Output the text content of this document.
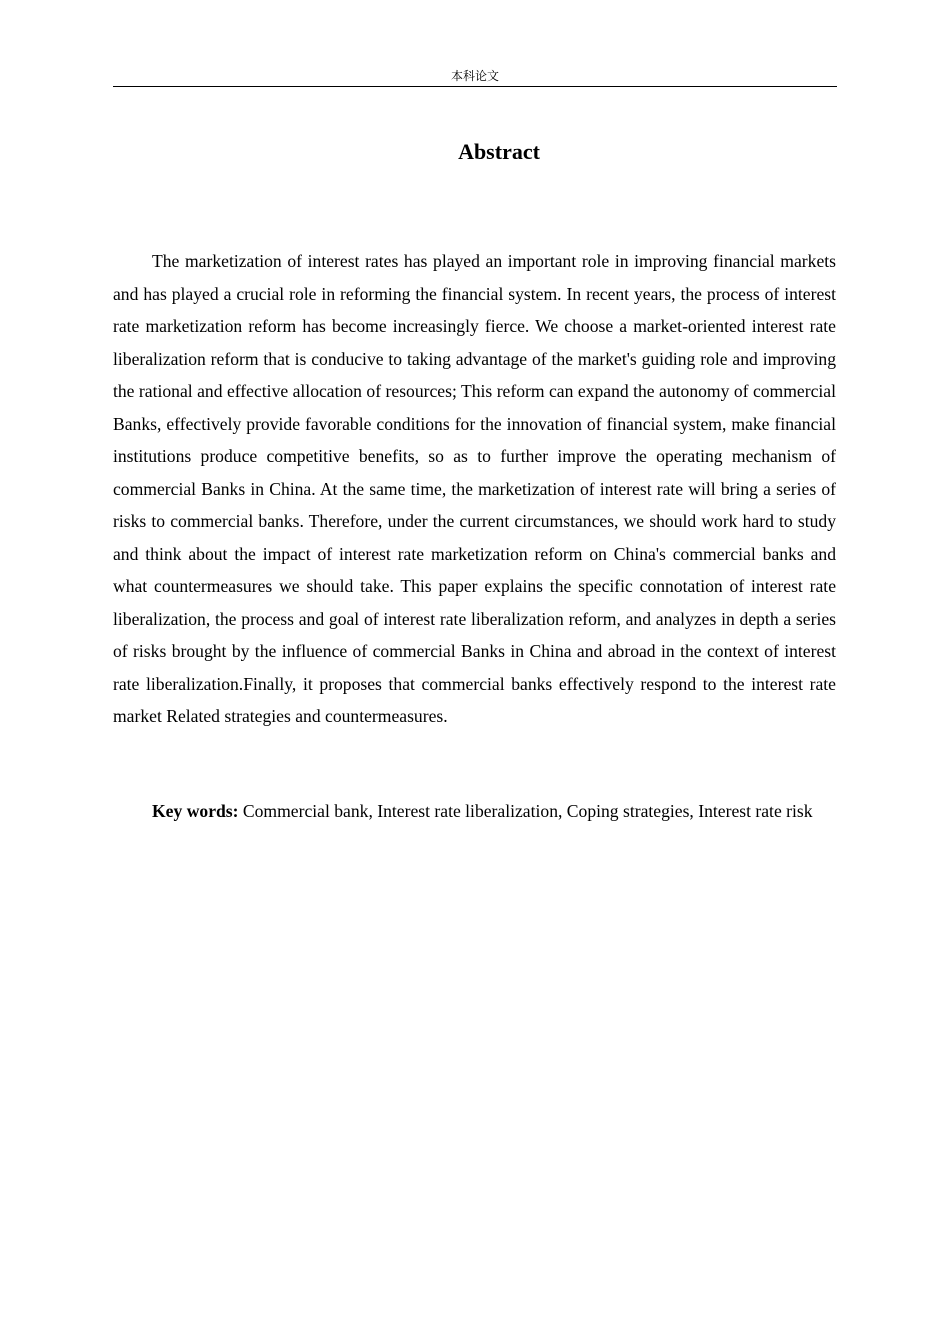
本科论文
Abstract

The marketization of interest rates has played an important role in improving financial markets and has played a crucial role in reforming the financial system. In recent years, the process of interest rate marketization reform has become increasingly fierce. We choose a market-oriented interest rate liberalization reform that is conducive to taking advantage of the market's guiding role and improving the rational and effective allocation of resources; This reform can expand the autonomy of commercial Banks, effectively provide favorable conditions for the innovation of financial system, make financial institutions produce competitive benefits, so as to further improve the operating mechanism of commercial Banks in China. At the same time, the marketization of interest rate will bring a series of risks to commercial banks. Therefore, under the current circumstances, we should work hard to study and think about the impact of interest rate marketization reform on China's commercial banks and what countermeasures we should take. This paper explains the specific connotation of interest rate liberalization, the process and goal of interest rate liberalization reform, and analyzes in depth a series of risks brought by the influence of commercial Banks in China and abroad in the context of interest rate liberalization.Finally, it proposes that commercial banks effectively respond to the interest rate market Related strategies and countermeasures.

Key words: Commercial bank, Interest rate liberalization, Coping strategies, Interest rate risk
